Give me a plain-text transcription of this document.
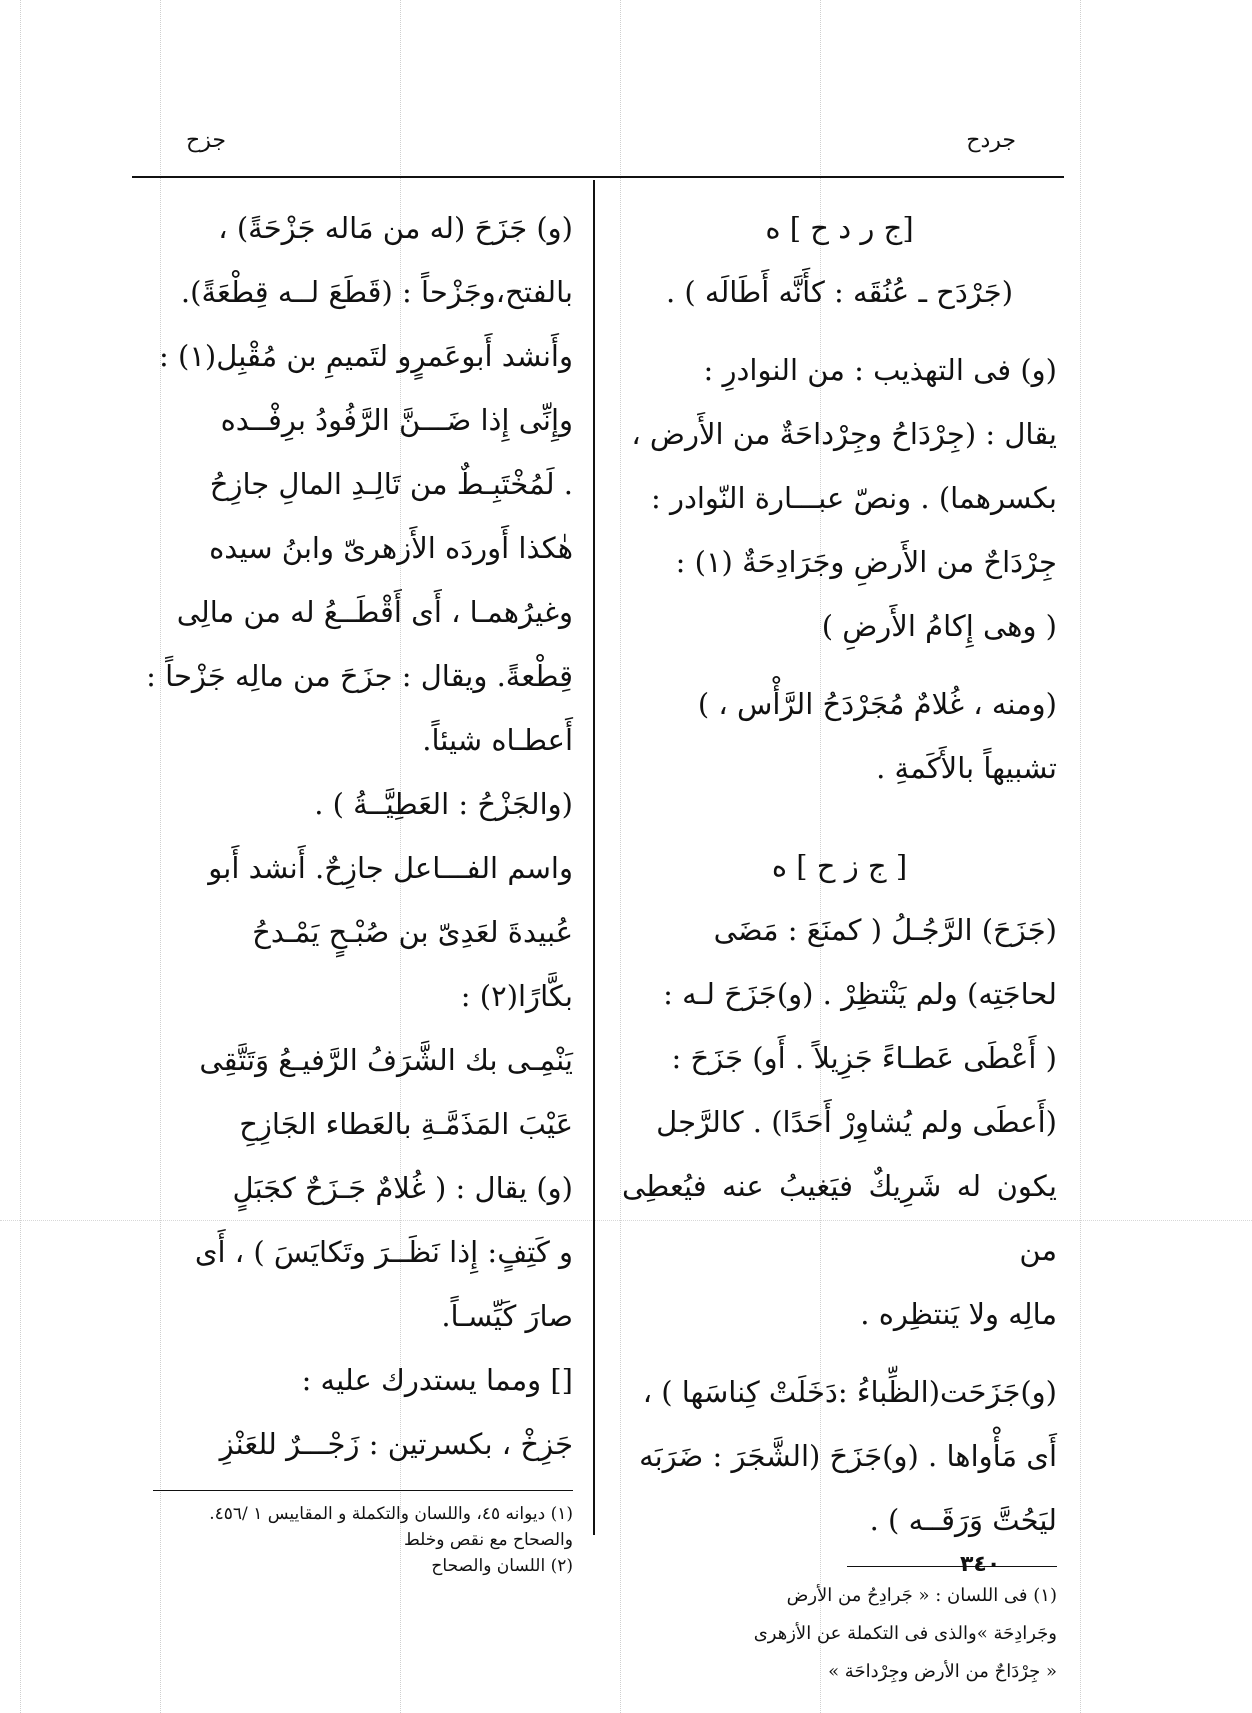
جردح
جزح

[ج ر د ح ] ه

(جَرْدَح ـ عُنُقَه : كأَنَّه أَطَالَه ) .

(و) فى التهذيب : من النوادرِ :

يقال : (جِرْدَاحُ وجِرْداحَةٌ من الأَرض ،

بكسرهما) . ونصّ عبـــارة النّوادر :

جِرْدَاحٌ من الأَرضِ وجَرَادِحَةٌ (١) :

( وهى إِكامُ الأَرضِ )

(ومنه ، غُلامٌ مُجَرْدَحُ الرَّأْس ، )

تشبيهاً بالأَكَمةِ .

[ ج ز ح ] ه

(جَزَحَ) الرَّجُـلُ ( كمنَعَ : مَضَى

لحاجَتِه) ولم يَنْتظِرْ . (و)جَزَحَ لـه :

( أَعْطَى عَطـاءً جَزِيلاً . أَو) جَزَحَ :

(أَعطَى ولم يُشاوِرْ أَحَدًا) . كالرَّجل

يكون له شَرِيكٌ فيَغيبُ عنه فيُعطِى من

مالِه ولا يَنتظِره .

(و)جَزَحَت(الظِّباءُ :دَخَلَتْ كِناسَها ) ،

أَى مَأْواها . (و)جَزَحَ (الشَّجَرَ : ضَرَبَه

ليَحُتَّ وَرَقَــه ) .

(١) فى اللسان : « جَرادِحُ من الأرض

وجَرادِحَة »والذى فى التكملة عن الأزهرى

« جِرْدَاحٌ من الأرض وجِرْداحَة »

(و) جَزَحَ (له من مَاله جَزْحَةً) ،

بالفتح،وجَزْحاً : (قَطَعَ لــه قِطْعَةً).

وأَنشد أَبوعَمرٍو لتَميمِ بن مُقْبِل(١) :

وإِنِّى إِذا ضَـــنَّ الرَّفُودُ برِفْــده

. لَمُخْتَبِـطٌ من تَالِـدِ المالِ جازِحُ

هٰكذا أَوردَه الأَزهرىّ وابنُ سيده

وغيرُهمـا ، أَى أَقْطَــعُ له من مالِى

قِطْعةً. ويقال : جزَحَ من مالِه جَزْحاً :

أَعطـاه شيئاً.

(والجَزْحُ : العَطِيَّــةُ ) .

واسم الفـــاعل جازِحٌ. أَنشد أَبو

عُبيدةَ لعَدِىّ بن صُبْـحٍ يَمْـدحُ

بكَّارًا(٢) :

يَنْمِـى بك الشَّرَفُ الرَّفيـعُ وَتَتَّقِى

عَيْبَ المَذَمَّـةِ بالعَطاء الجَازِحِ

(و) يقال : ( غُلامٌ جَـزَحٌ كجَبَلٍ

و كَتِفٍ: إِذا نَظَــرَ وتَكايَسَ ) ، أَى

صارَ كَيِّسـاً.

[] ومما يستدرك عليه :

جَزِخْ ، بكسرتين : زَجْـــرٌ للعَنْزِ

(١) ديوانه ٤٥، واللسان والتكملة و المقاييس ١ /٤٥٦.

والصحاح مع نقص وخلط

(٢) اللسان والصحاح	٣٤٠
